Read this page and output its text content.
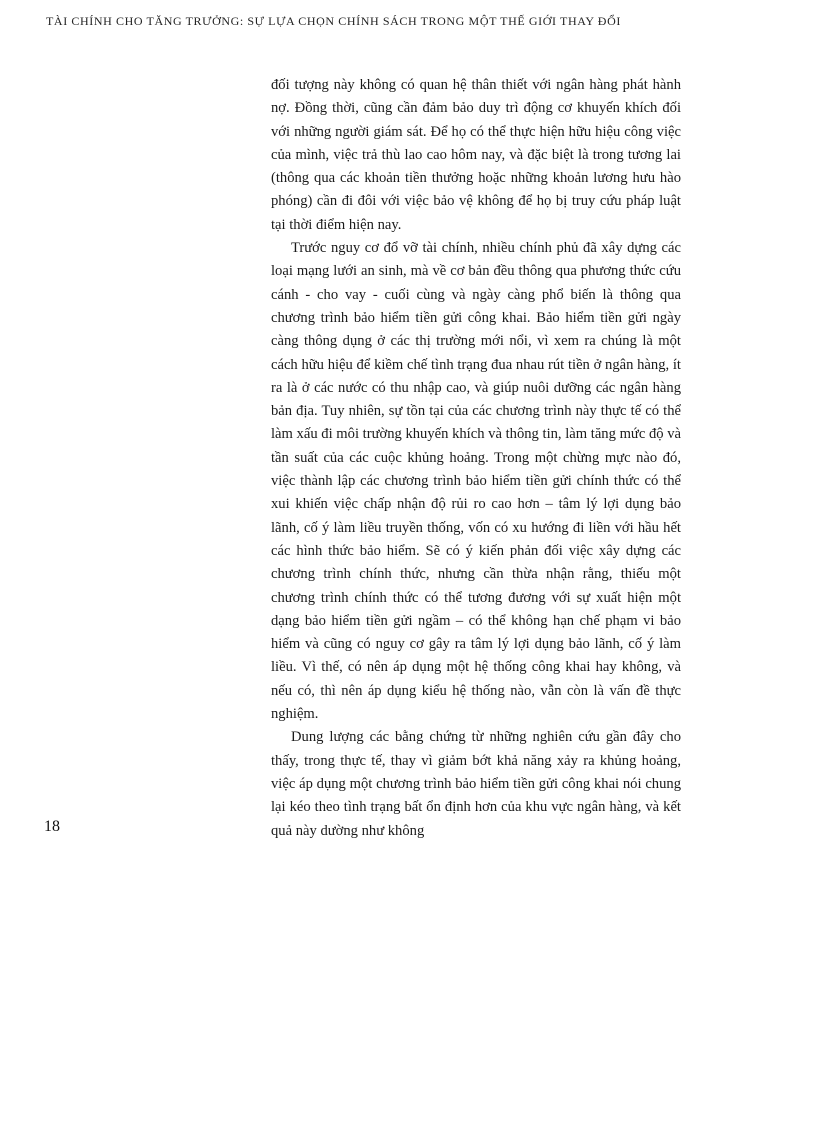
TÀI CHÍNH CHO TĂNG TRƯỞNG: SỰ LỰA CHỌN CHÍNH SÁCH TRONG MỘT THẾ GIỚI THAY ĐỔI

đối tượng này không có quan hệ thân thiết với ngân hàng phát hành nợ. Đồng thời, cũng cần đảm bảo duy trì động cơ khuyến khích đối với những người giám sát. Để họ có thể thực hiện hữu hiệu công việc của mình, việc trả thù lao cao hôm nay, và đặc biệt là trong tương lai (thông qua các khoản tiền thưởng hoặc những khoản lương hưu hào phóng) cần đi đôi với việc bảo vệ không để họ bị truy cứu pháp luật tại thời điểm hiện nay.

Trước nguy cơ đổ vỡ tài chính, nhiều chính phủ đã xây dựng các loại mạng lưới an sinh, mà về cơ bản đều thông qua phương thức cứu cánh - cho vay - cuối cùng và ngày càng phổ biến là thông qua chương trình bảo hiểm tiền gửi công khai. Bảo hiểm tiền gửi ngày càng thông dụng ở các thị trường mới nổi, vì xem ra chúng là một cách hữu hiệu để kiềm chế tình trạng đua nhau rút tiền ở ngân hàng, ít ra là ở các nước có thu nhập cao, và giúp nuôi dưỡng các ngân hàng bản địa. Tuy nhiên, sự tồn tại của các chương trình này thực tế có thể làm xấu đi môi trường khuyến khích và thông tin, làm tăng mức độ và tần suất của các cuộc khủng hoảng. Trong một chừng mực nào đó, việc thành lập các chương trình bảo hiểm tiền gửi chính thức có thể xui khiến việc chấp nhận độ rủi ro cao hơn – tâm lý lợi dụng bảo lãnh, cố ý làm liều truyền thống, vốn có xu hướng đi liền với hầu hết các hình thức bảo hiểm. Sẽ có ý kiến phản đối việc xây dựng các chương trình chính thức, nhưng cần thừa nhận rằng, thiếu một chương trình chính thức có thể tương đương với sự xuất hiện một dạng bảo hiểm tiền gửi ngầm – có thể không hạn chế phạm vi bảo hiểm và cũng có nguy cơ gây ra tâm lý lợi dụng bảo lãnh, cố ý làm liều. Vì thế, có nên áp dụng một hệ thống công khai hay không, và nếu có, thì nên áp dụng kiểu hệ thống nào, vẫn còn là vấn đề thực nghiệm.

Dung lượng các bằng chứng từ những nghiên cứu gần đây cho thấy, trong thực tế, thay vì giảm bớt khả năng xảy ra khủng hoảng, việc áp dụng một chương trình bảo hiểm tiền gửi công khai nói chung lại kéo theo tình trạng bất ổn định hơn của khu vực ngân hàng, và kết quả này dường như không

18
